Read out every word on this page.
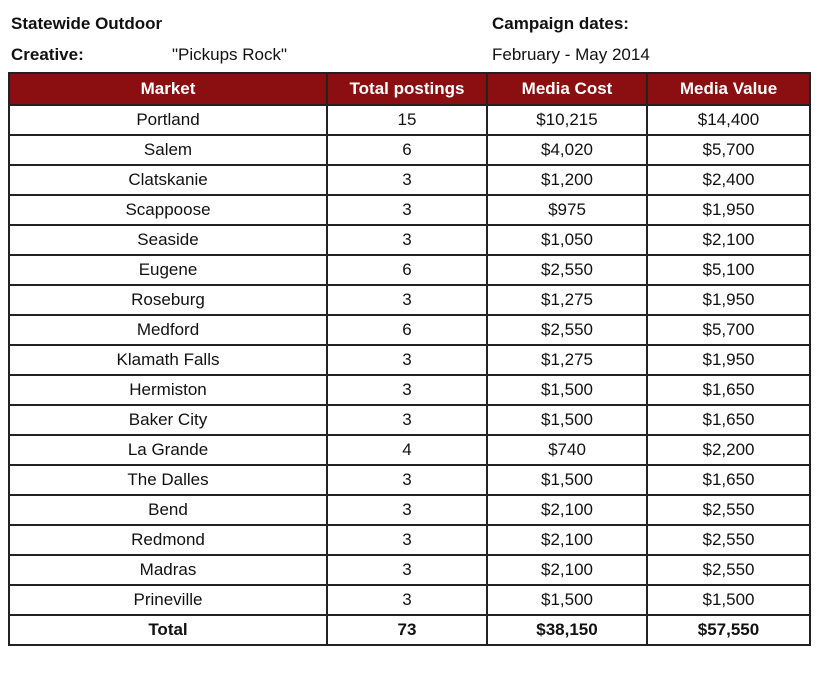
Statewide Outdoor
Creative:	"Pickups Rock"
Campaign dates:
February - May 2014
Market	Total postings	Media Cost	Media Value
Portland	15	$10,215	$14,400
Salem	6	$4,020	$5,700
Clatskanie	3	$1,200	$2,400
Scappoose	3	$975	$1,950
Seaside	3	$1,050	$2,100
Eugene	6	$2,550	$5,100
Roseburg	3	$1,275	$1,950
Medford	6	$2,550	$5,700
Klamath Falls	3	$1,275	$1,950
Hermiston	3	$1,500	$1,650
Baker City	3	$1,500	$1,650
La Grande	4	$740	$2,200
The Dalles	3	$1,500	$1,650
Bend	3	$2,100	$2,550
Redmond	3	$2,100	$2,550
Madras	3	$2,100	$2,550
Prineville	3	$1,500	$1,500
Total	73	$38,150	$57,550
